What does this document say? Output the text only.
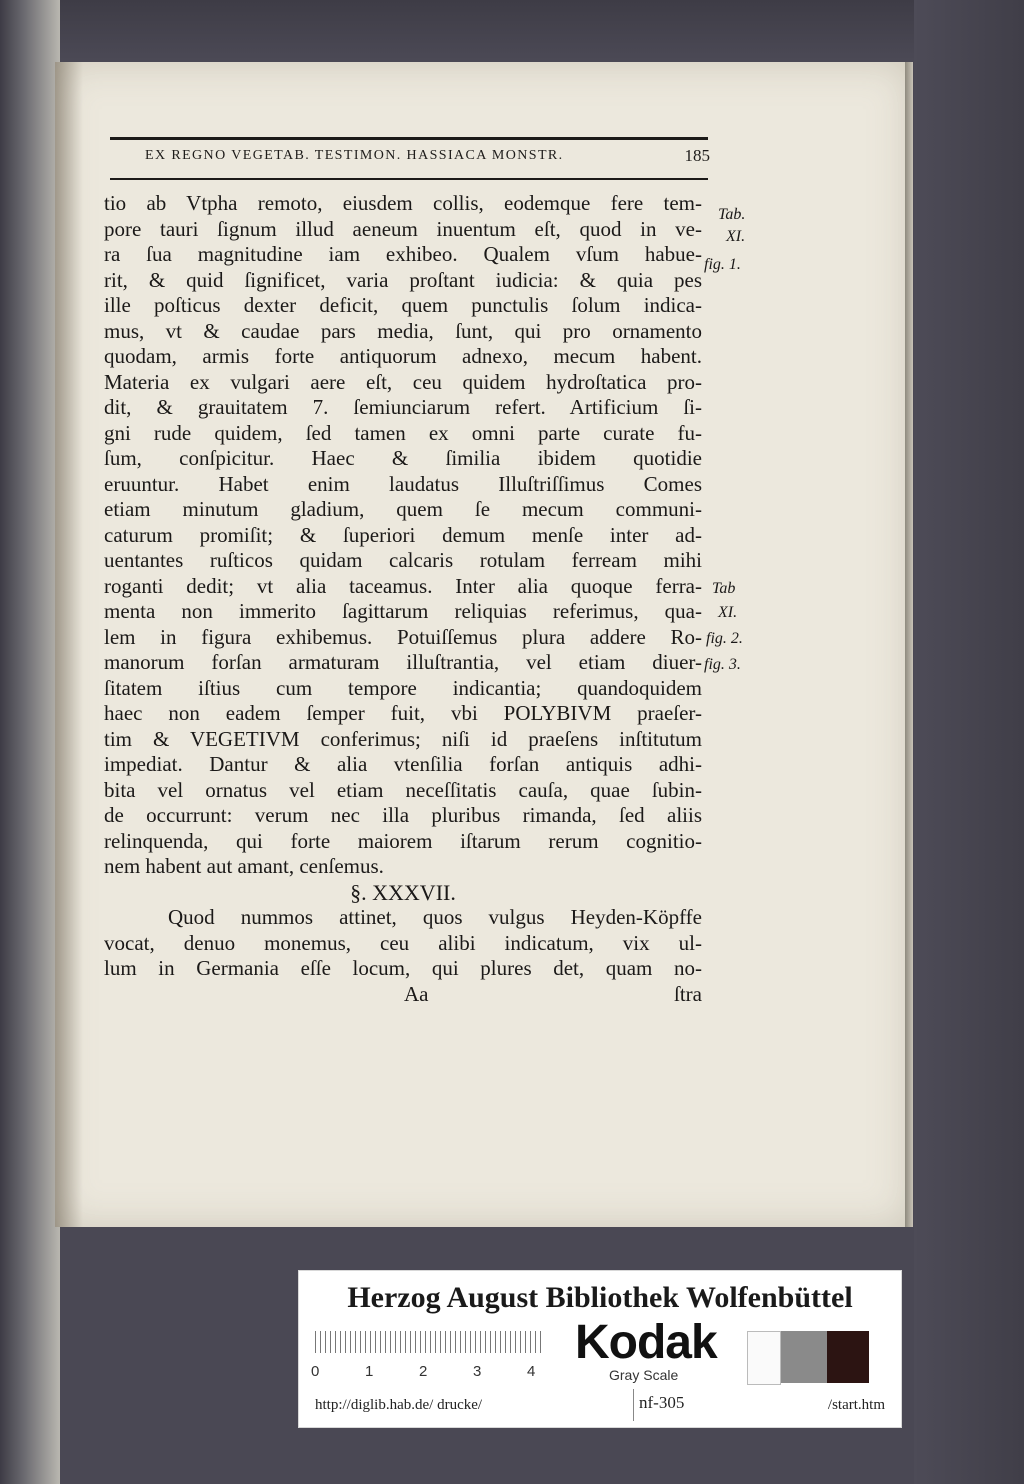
EX REGNO VEGETAB. TESTIMON. HASSIACA MONSTR.	185
tio ab Vtpha remoto, eiusdem collis, eodemque fere tem-
pore tauri ſignum illud aeneum inuentum eſt, quod in ve-
ra ſua magnitudine iam exhibeo. Qualem vſum habue-
rit, & quid ſignificet, varia proſtant iudicia: & quia pes
ille poſticus dexter deficit, quem punctulis ſolum indica-
mus, vt & caudae pars media, ſunt, qui pro ornamento
quodam, armis forte antiquorum adnexo, mecum habent.
Materia ex vulgari aere eſt, ceu quidem hydroſtatica pro-
dit, & grauitatem 7. ſemiunciarum refert. Artificium ſi-
gni rude quidem, ſed tamen ex omni parte curate fu-
ſum, conſpicitur. Haec & ſimilia ibidem quotidie
eruuntur. Habet enim laudatus Illuſtriſſimus Comes
etiam minutum gladium, quem ſe mecum communi-
caturum promiſit; & ſuperiori demum menſe inter ad-
uentantes ruſticos quidam calcaris rotulam ferream mihi
roganti dedit; vt alia taceamus. Inter alia quoque ferra-
menta non immerito ſagittarum reliquias referimus, qua-
lem in figura exhibemus. Potuiſſemus plura addere Ro-
manorum forſan armaturam illuſtrantia, vel etiam diuer-
ſitatem iſtius cum tempore indicantia; quandoquidem
haec non eadem ſemper fuit, vbi POLYBIVM praeſer-
tim & VEGETIVM conferimus; niſi id praeſens inſtitutum
impediat. Dantur & alia vtenſilia forſan antiquis adhi-
bita vel ornatus vel etiam neceſſitatis cauſa, quae ſubin-
de occurrunt: verum nec illa pluribus rimanda, ſed aliis
relinquenda, qui forte maiorem iſtarum rerum cognitio-
nem habent aut amant, cenſemus.
§. XXXVII.
Quod nummos attinet, quos vulgus Heyden-Köpffe
vocat, denuo monemus, ceu alibi indicatum, vix ul-
lum in Germania eſſe locum, qui plures det, quam no-
Aa	ſtra
Tab.
XI.
fig. 1.
Tab
XI.
fig. 2.
fig. 3.
Herzog August Bibliothek Wolfenbüttel
0	1	2	3	4
Kodak
Gray Scale
http://diglib.hab.de/ drucke/	nf-305	/start.htm
